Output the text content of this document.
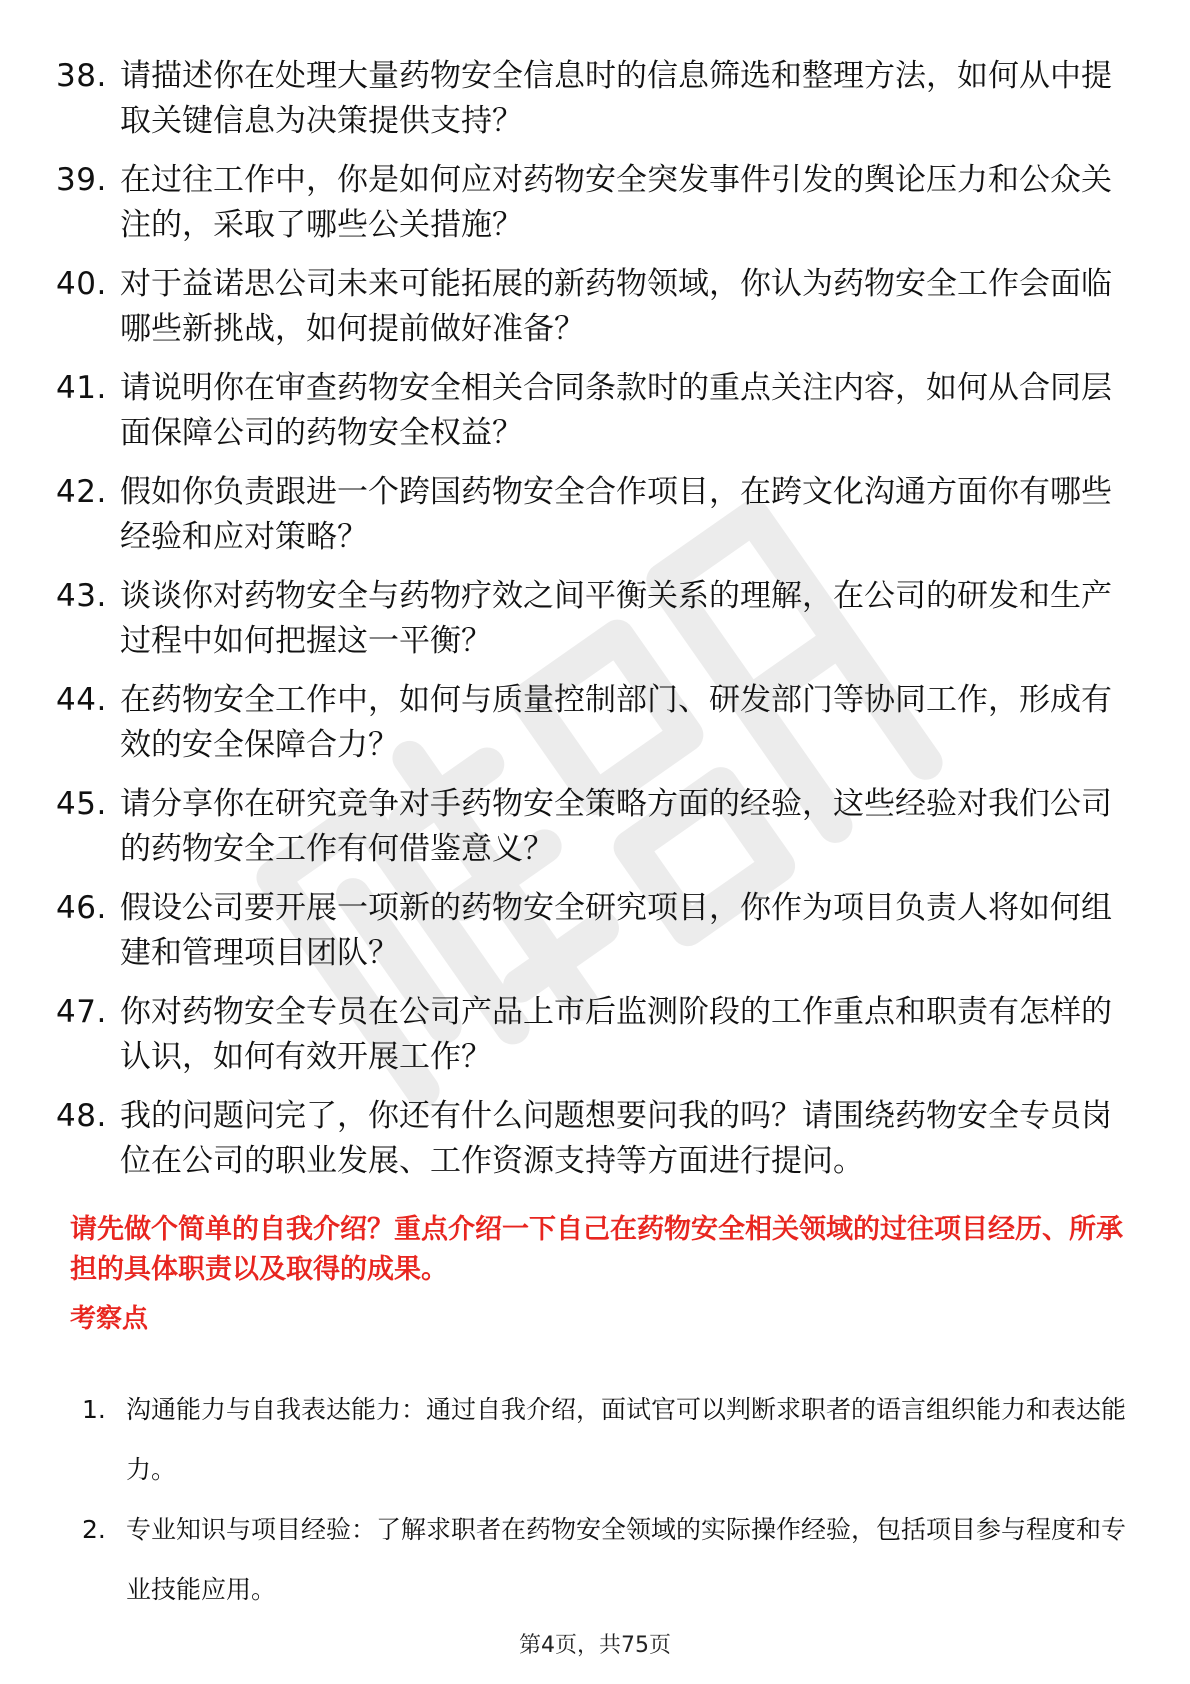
38. 请描述你在处理大量药物安全信息时的信息筛选和整理方法，如何从中提取关键信息为决策提供支持？
39. 在过往工作中，你是如何应对药物安全突发事件引发的舆论压力和公众关注的，采取了哪些公关措施？
40. 对于益诺思公司未来可能拓展的新药物领域，你认为药物安全工作会面临哪些新挑战，如何提前做好准备？
41. 请说明你在审查药物安全相关合同条款时的重点关注内容，如何从合同层面保障公司的药物安全权益？
42. 假如你负责跟进一个跨国药物安全合作项目，在跨文化沟通方面你有哪些经验和应对策略？
43. 谈谈你对药物安全与药物疗效之间平衡关系的理解，在公司的研发和生产过程中如何把握这一平衡？
44. 在药物安全工作中，如何与质量控制部门、研发部门等协同工作，形成有效的安全保障合力？
45. 请分享你在研究竞争对手药物安全策略方面的经验，这些经验对我们公司的药物安全工作有何借鉴意义？
46. 假设公司要开展一项新的药物安全研究项目，你作为项目负责人将如何组建和管理项目团队？
47. 你对药物安全专员在公司产品上市后监测阶段的工作重点和职责有怎样的认识，如何有效开展工作？
48. 我的问题问完了，你还有什么问题想要问我的吗？请围绕药物安全专员岗位在公司的职业发展、工作资源支持等方面进行提问。

请先做个简单的自我介绍？重点介绍一下自己在药物安全相关领域的过往项目经历、所承担的具体职责以及取得的成果。

考察点
1. 沟通能力与自我表达能力：通过自我介绍，面试官可以判断求职者的语言组织能力和表达能力。
2. 专业知识与项目经验：了解求职者在药物安全领域的实际操作经验，包括项目参与程度和专业技能应用。
第4页，共75页
